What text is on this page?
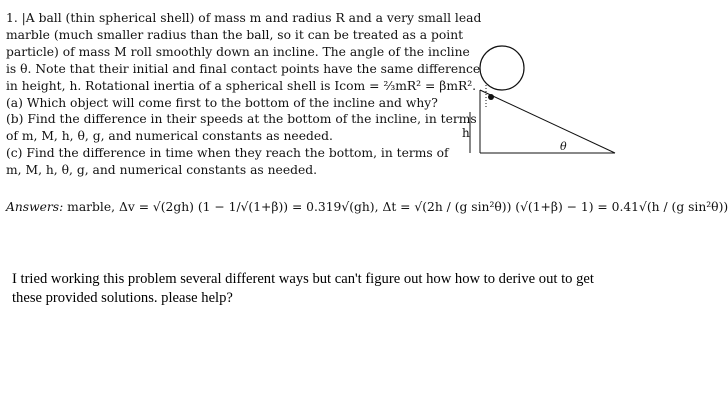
1. |A ball (thin spherical shell) of mass m and radius R and a very small lead

marble (much smaller radius than the ball, so it can be treated as a point

particle) of mass M roll smoothly down an incline. The angle of the incline

is θ. Note that their initial and final contact points have the same difference

in height, h. Rotational inertia of a spherical shell is Icom = ⅔mR² = βmR².

(a) Which object will come first to the bottom of the incline and why?

(b) Find the difference in their speeds at the bottom of the incline, in terms

of m, M, h, θ, g, and numerical constants as needed.

(c) Find the difference in time when they reach the bottom, in terms of

m, M, h, θ, g, and numerical constants as needed.

Answers: marble, Δv = √(2gh) (1 − 1/√(1+β)) = 0.319√(gh), Δt = √(2h / (g sin²θ)) (√(1+β) − 1) = 0.41√(h / (g sin²θ))
h
θ

I tried working this problem several different ways but can't figure out how how to derive out to get

these provided solutions. please help?
